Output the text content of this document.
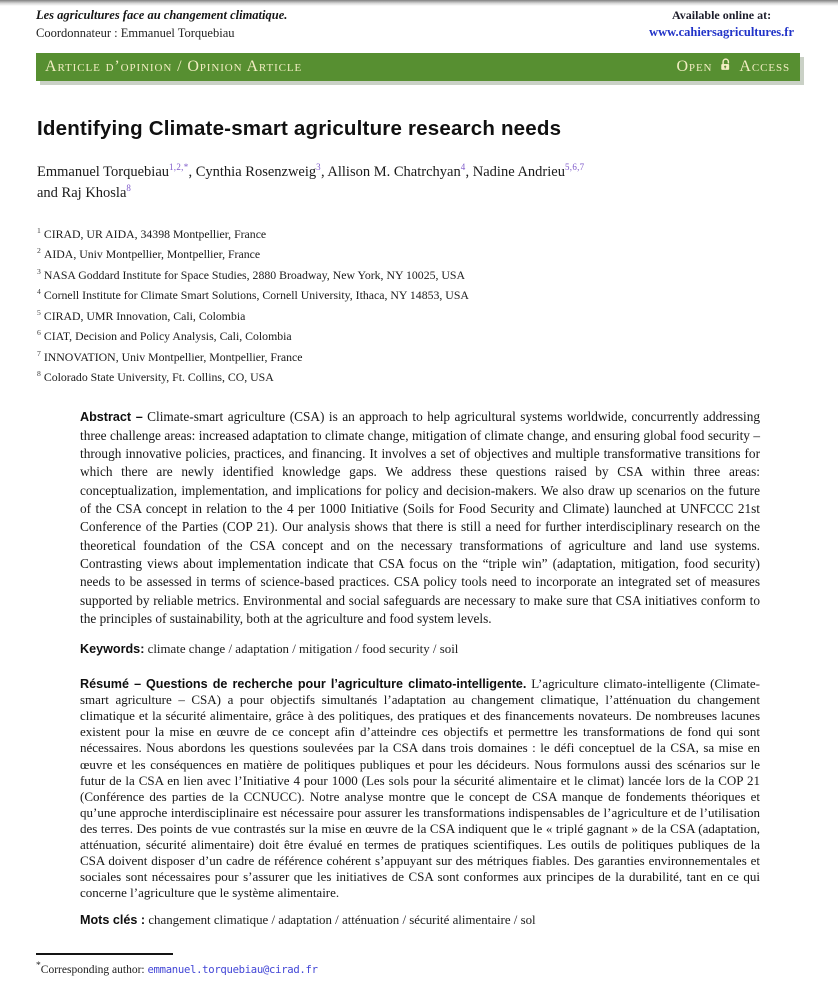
Les agricultures face au changement climatique.
Coordonnateur : Emmanuel Torquebiau
Available online at:
www.cahiersagricultures.fr
Article d’opinion / Opinion Article	Open Access
Identifying Climate-smart agriculture research needs
Emmanuel Torquebiau$^{1,2,*}$, Cynthia Rosenzweig$^3$, Allison M. Chatrchyan$^4$, Nadine Andrieu$^{5,6,7}$
and Raj Khosla$^8$
$^1$ CIRAD, UR AIDA, 34398 Montpellier, France
$^2$ AIDA, Univ Montpellier, Montpellier, France
$^3$ NASA Goddard Institute for Space Studies, 2880 Broadway, New York, NY 10025, USA
$^4$ Cornell Institute for Climate Smart Solutions, Cornell University, Ithaca, NY 14853, USA
$^5$ CIRAD, UMR Innovation, Cali, Colombia
$^6$ CIAT, Decision and Policy Analysis, Cali, Colombia
$^7$ INNOVATION, Univ Montpellier, Montpellier, France
$^8$ Colorado State University, Ft. Collins, CO, USA

Abstract – Climate-smart agriculture (CSA) is an approach to help agricultural systems worldwide, concurrently addressing three challenge areas: increased adaptation to climate change, mitigation of climate change, and ensuring global food security – through innovative policies, practices, and financing. It involves a set of objectives and multiple transformative transitions for which there are newly identified knowledge gaps. We address these questions raised by CSA within three areas: conceptualization, implementation, and implications for policy and decision-makers. We also draw up scenarios on the future of the CSA concept in relation to the 4 per 1000 Initiative (Soils for Food Security and Climate) launched at UNFCCC 21st Conference of the Parties (COP 21). Our analysis shows that there is still a need for further interdisciplinary research on the theoretical foundation of the CSA concept and on the necessary transformations of agriculture and land use systems. Contrasting views about implementation indicate that CSA focus on the “triple win” (adaptation, mitigation, food security) needs to be assessed in terms of science-based practices. CSA policy tools need to incorporate an integrated set of measures supported by reliable metrics. Environmental and social safeguards are necessary to make sure that CSA initiatives conform to the principles of sustainability, both at the agriculture and food system levels.

Keywords: climate change / adaptation / mitigation / food security / soil

Résumé – Questions de recherche pour l’agriculture climato-intelligente. L’agriculture climato-intelligente (Climate-smart agriculture – CSA) a pour objectifs simultanés l’adaptation au changement climatique, l’atténuation du changement climatique et la sécurité alimentaire, grâce à des politiques, des pratiques et des financements novateurs. De nombreuses lacunes existent pour la mise en œuvre de ce concept afin d’atteindre ces objectifs et permettre les transformations de fond qui sont nécessaires. Nous abordons les questions soulevées par la CSA dans trois domaines : le défi conceptuel de la CSA, sa mise en œuvre et les conséquences en matière de politiques publiques et pour les décideurs. Nous formulons aussi des scénarios sur le futur de la CSA en lien avec l’Initiative 4 pour 1000 (Les sols pour la sécurité alimentaire et le climat) lancée lors de la COP 21 (Conférence des parties de la CCNUCC). Notre analyse montre que le concept de CSA manque de fondements théoriques et qu’une approche interdisciplinaire est nécessaire pour assurer les transformations indispensables de l’agriculture et de l’utilisation des terres. Des points de vue contrastés sur la mise en œuvre de la CSA indiquent que le « triplé gagnant » de la CSA (adaptation, atténuation, sécurité alimentaire) doit être évalué en termes de pratiques scientifiques. Les outils de politiques publiques de la CSA doivent disposer d’un cadre de référence cohérent s’appuyant sur des métriques fiables. Des garanties environnementales et sociales sont nécessaires pour s’assurer que les initiatives de CSA sont conformes aux principes de la durabilité, tant en ce qui concerne l’agriculture que le système alimentaire.

Mots clés : changement climatique / adaptation / atténuation / sécurité alimentaire / sol

*Corresponding author: emmanuel.torquebiau@cirad.fr
